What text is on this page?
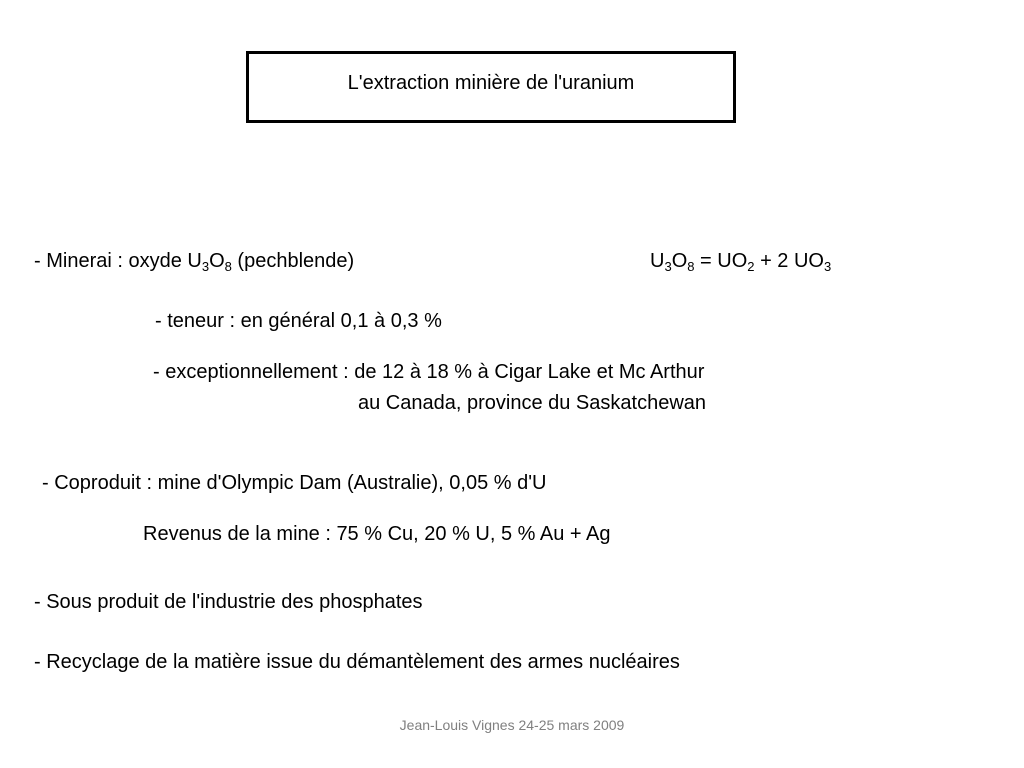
L'extraction minière de l'uranium
- Minerai : oxyde $U_3O_8$ (pechblende)	$U_3O_8 = UO_2 + 2$ $UO_3$
- teneur : en général 0,1 à 0,3 %
- exceptionnellement : de 12 à 18 % à Cigar Lake et Mc Arthur
au Canada, province du Saskatchewan
- Coproduit : mine d'Olympic Dam (Australie), 0,05 % d'U
Revenus de la mine : 75 % Cu, 20 % U, 5 % Au + Ag
- Sous produit de l'industrie des phosphates
- Recyclage de la matière issue du démantèlement des armes nucléaires
Jean-Louis Vignes 24-25 mars 2009
